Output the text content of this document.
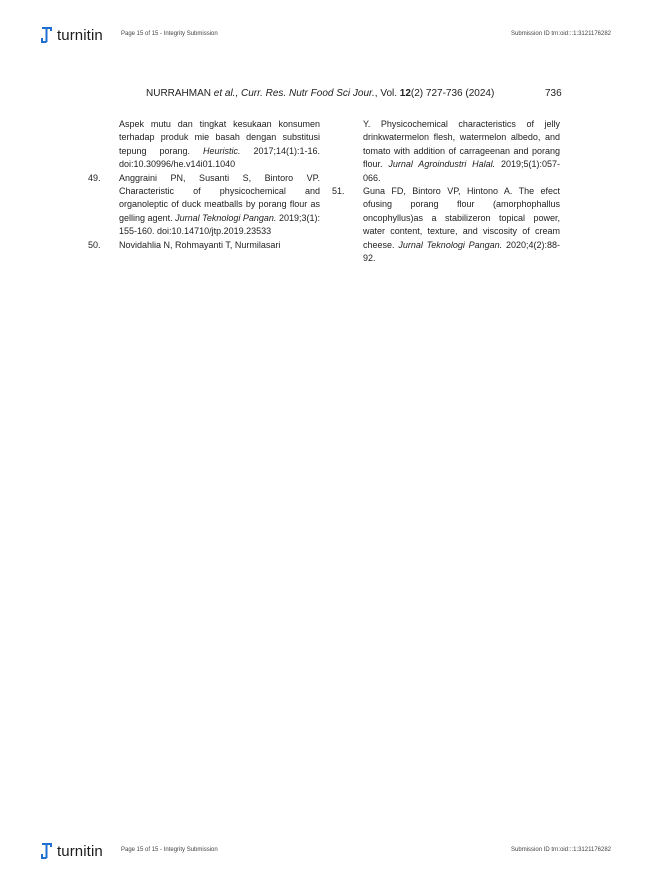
turnitin	Page 15 of 15 - Integrity Submission	Submission ID trn:oid:::1:3121176282
NURRAHMAN et al., Curr. Res. Nutr Food Sci Jour., Vol. 12(2) 727-736 (2024)	736
Aspek mutu dan tingkat kesukaan konsumen terhadap produk mie basah dengan substitusi tepung porang. Heuristic. 2017;14(1):1-16. doi:10.30996/he.v14i01.1040
49.	Anggraini PN, Susanti S, Bintoro VP. Characteristic of physicochemical and organoleptic of duck meatballs by porang flour as gelling agent. Jurnal Teknologi Pangan. 2019;3(1): 155-160. doi:10.14710/jtp.2019.23533
50.	Novidahlia N, Rohmayanti T, Nurmilasari
Y. Physicochemical characteristics of jelly drinkwatermelon flesh, watermelon albedo, and tomato with addition of carrageenan and porang flour. Jurnal Agroindustri Halal. 2019;5(1):057-066.
51.	Guna FD, Bintoro VP, Hintono A. The efect ofusing porang flour (amorphophallus oncophyllus)as a stabilizeron topical power, water content, texture, and viscosity of cream cheese. Jurnal Teknologi Pangan. 2020;4(2):88-92.
turnitin	Page 15 of 15 - Integrity Submission	Submission ID trn:oid:::1:3121176282
